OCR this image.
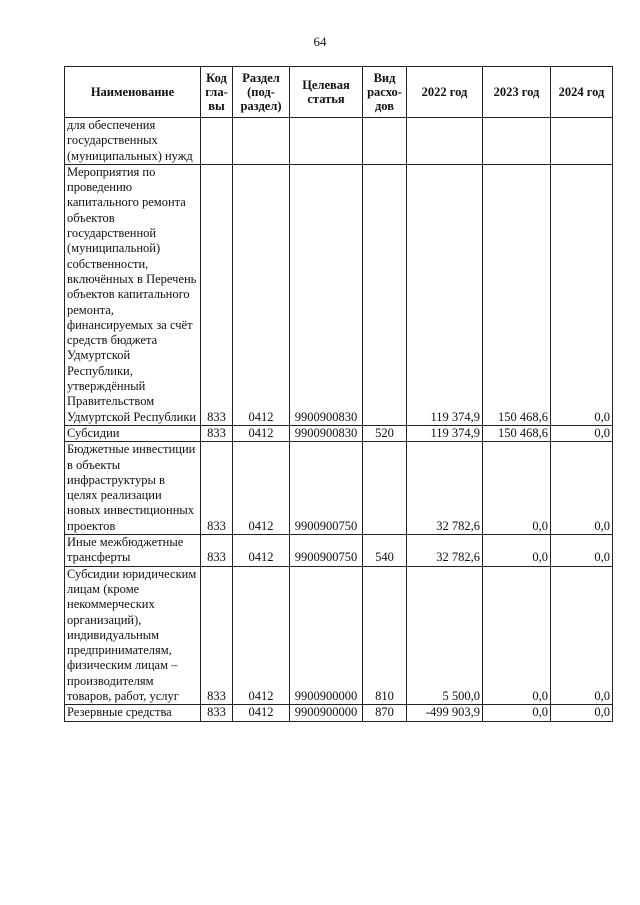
64
Наименование	Код гла-вы	Раздел (под-раздел)	Целевая статья	Вид расхо-дов	2022 год	2023 год	2024 год
для обеспечения государственных (муниципальных) нужд							
Мероприятия по проведению капитального ремонта объектов государственной (муниципальной) собственности, включённых в Перечень объектов капитального ремонта, финансируемых за счёт средств бюджета Удмуртской Республики, утверждённый Правительством Удмуртской Республики	833	0412	9900900830		119 374,9	150 468,6	0,0
Субсидии	833	0412	9900900830	520	119 374,9	150 468,6	0,0
Бюджетные инвестиции в объекты инфраструктуры в целях реализации новых инвестиционных проектов	833	0412	9900900750		32 782,6	0,0	0,0
Иные межбюджетные трансферты	833	0412	9900900750	540	32 782,6	0,0	0,0
Субсидии юридическим лицам (кроме некоммерческих организаций), индивидуальным предпринимателям, физическим лицам – производителям товаров, работ, услуг	833	0412	9900900000	810	5 500,0	0,0	0,0
Резервные средства	833	0412	9900900000	870	-499 903,9	0,0	0,0
